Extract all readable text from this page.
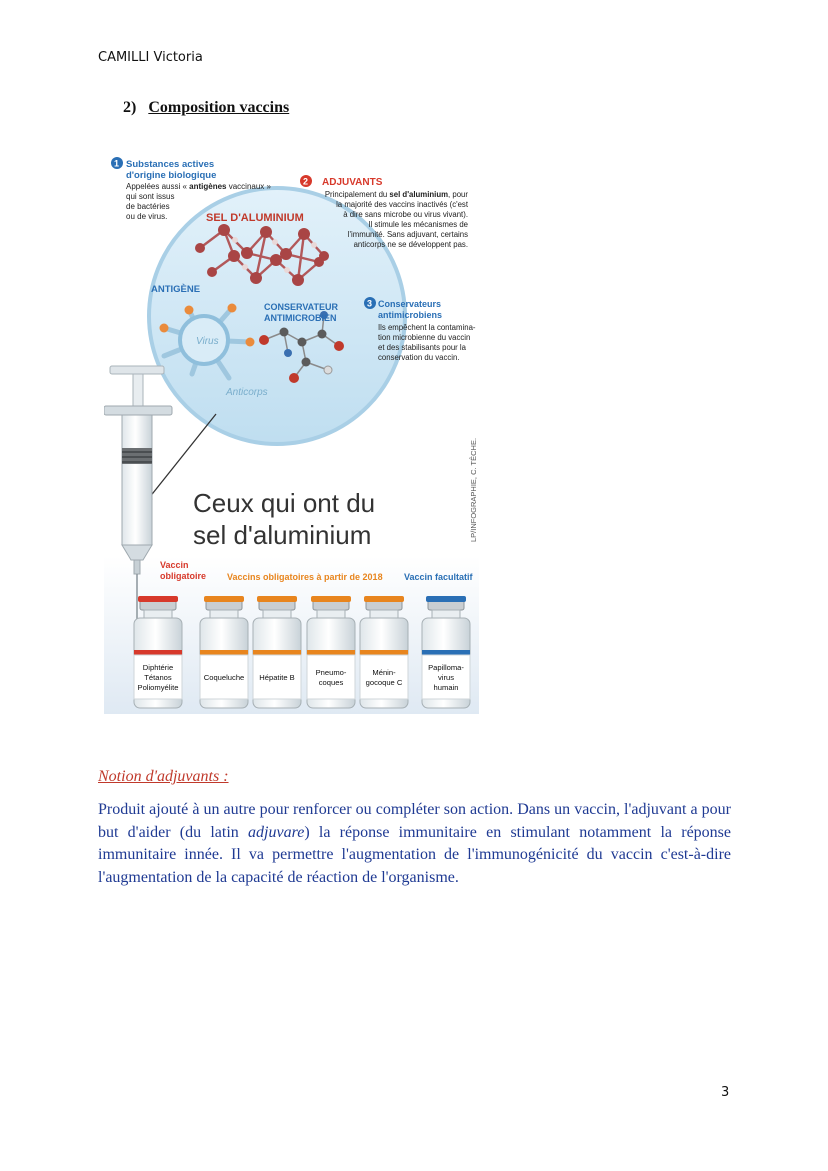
CAMILLI Victoria
2) Composition vaccins
Virus
Anticorps
SEL D'ALUMINIUM
ANTIGÈNE
CONSERVATEUR
ANTIMICROBIEN
1 Substances actives
d'origine biologique
Appelées aussi « antigènes vaccinaux »
qui sont issus
de bactéries
ou de virus.
2 ADJUVANTS
Principalement du sel d'aluminium, pour
la majorité des vaccins inactivés (c'est
à dire sans microbe ou virus vivant).
Il stimule les mécanismes de
l'immunité. Sans adjuvant, certains
anticorps ne se développent pas.
3 Conservateurs
antimicrobiens
Ils empêchent la contamina-
tion microbienne du vaccin
et des stabilisants pour la
conservation du vaccin.
Ceux qui ont du
sel d'aluminium	LP/INFOGRAPHIE, C. TÊCHE.
Vaccin
obligatoire Vaccins obligatoires à partir de 2018 Vaccin facultatif
Diphtérie
Tétanos
Poliomyélite
Coqueluche Hépatite B
Pneumo-
coques
Ménin-
gocoque C
Papilloma-
virus
humain
Notion d'adjuvants :
Produit ajouté à un autre pour renforcer ou compléter son action. Dans un vaccin, l'adjuvant a pour but d'aider (du latin adjuvare) la réponse immunitaire en stimulant notamment la réponse immunitaire innée. Il va permettre l'augmentation de l'immunogénicité du vaccin c'est-à-dire l'augmentation de la capacité de réaction de l'organisme.
3
